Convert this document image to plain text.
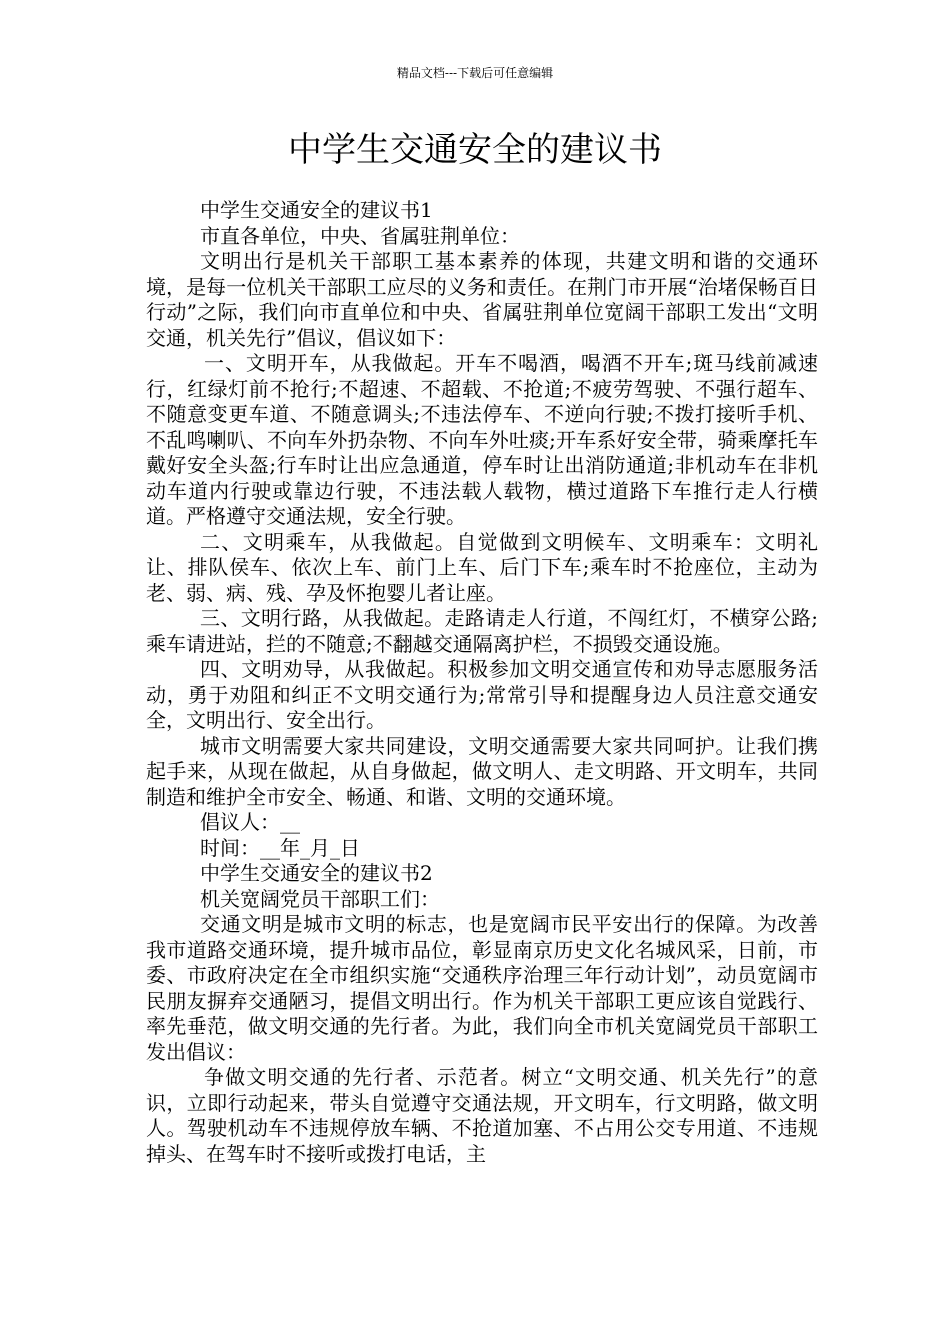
精品文档---下载后可任意编辑
中学生交通安全的建议书

中学生交通安全的建议书1

市直各单位，中央、省属驻荆单位：

文明出行是机关干部职工基本素养的体现，共建文明和谐的交通环境，是每一位机关干部职工应尽的义务和责任。在荆门市开展“治堵保畅百日行动”之际，我们向市直单位和中央、省属驻荆单位宽阔干部职工发出“文明交通，机关先行”倡议，倡议如下：

一、文明开车，从我做起。开车不喝酒，喝酒不开车;斑马线前减速行，红绿灯前不抢行;不超速、不超载、不抢道;不疲劳驾驶、不强行超车、不随意变更车道、不随意调头;不违法停车、不逆向行驶;不拨打接听手机、不乱鸣喇叭、不向车外扔杂物、不向车外吐痰;开车系好安全带，骑乘摩托车戴好安全头盔;行车时让出应急通道，停车时让出消防通道;非机动车在非机动车道内行驶或靠边行驶，不违法载人载物，横过道路下车推行走人行横道。严格遵守交通法规，安全行驶。

二、文明乘车，从我做起。自觉做到文明候车、文明乘车：文明礼让、排队侯车、依次上车、前门上车、后门下车;乘车时不抢座位，主动为老、弱、病、残、孕及怀抱婴儿者让座。

三、文明行路，从我做起。走路请走人行道，不闯红灯，不横穿公路;乘车请进站，拦的不随意;不翻越交通隔离护栏，不损毁交通设施。

四、文明劝导，从我做起。积极参加文明交通宣传和劝导志愿服务活动，勇于劝阻和纠正不文明交通行为;常常引导和提醒身边人员注意交通安全，文明出行、安全出行。

城市文明需要大家共同建设，文明交通需要大家共同呵护。让我们携起手来，从现在做起，从自身做起，做文明人、走文明路、开文明车，共同制造和维护全市安全、畅通、和谐、文明的交通环境。

倡议人：__

时间：__年_月_日

中学生交通安全的建议书2

机关宽阔党员干部职工们：

交通文明是城市文明的标志，也是宽阔市民平安出行的保障。为改善我市道路交通环境，提升城市品位，彰显南京历史文化名城风采，日前，市委、市政府决定在全市组织实施“交通秩序治理三年行动计划”，动员宽阔市民朋友摒弃交通陋习，提倡文明出行。作为机关干部职工更应该自觉践行、率先垂范，做文明交通的先行者。为此，我们向全市机关宽阔党员干部职工发出倡议：

争做文明交通的先行者、示范者。树立“文明交通、机关先行”的意识，立即行动起来，带头自觉遵守交通法规，开文明车，行文明路，做文明人。驾驶机动车不违规停放车辆、不抢道加塞、不占用公交专用道、不违规掉头、在驾车时不接听或拨打电话，主
